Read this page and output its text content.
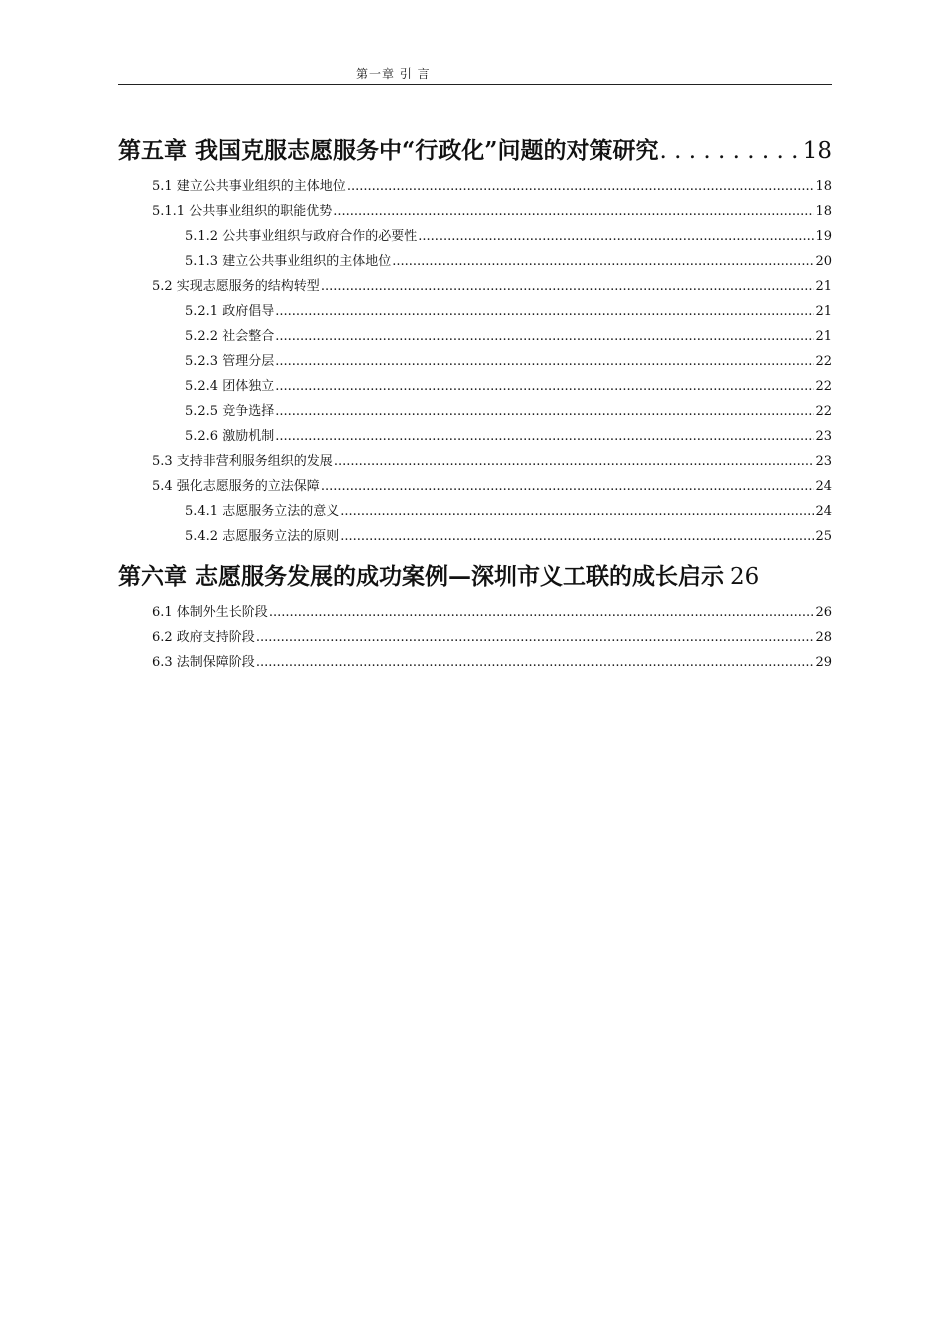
第一章 引 言
第五章 我国克服志愿服务中“行政化”问题的对策研究 . . .	18
5.1 建立公共事业组织的主体地位 .....	18
5.1.1 公共事业组织的职能优势 .....	18
5.1.2 公共事业组织与政府合作的必要性 .....	19
5.1.3 建立公共事业组织的主体地位 .....	20
5.2 实现志愿服务的结构转型 .....	21
5.2.1 政府倡导 .....	21
5.2.2 社会整合 .....	21
5.2.3 管理分层 .....	22
5.2.4 团体独立 .....	22
5.2.5 竞争选择 .....	22
5.2.6 激励机制 .....	23
5.3 支持非营利服务组织的发展 .....	23
5.4 强化志愿服务的立法保障 .....	24
5.4.1 志愿服务立法的意义 .....	24
5.4.2 志愿服务立法的原则 .....	25
第六章 志愿服务发展的成功案例—深圳市义工联的成长启示 26
6.1 体制外生长阶段 .....	26
6.2 政府支持阶段 .....	28
6.3 法制保障阶段 .....	29
